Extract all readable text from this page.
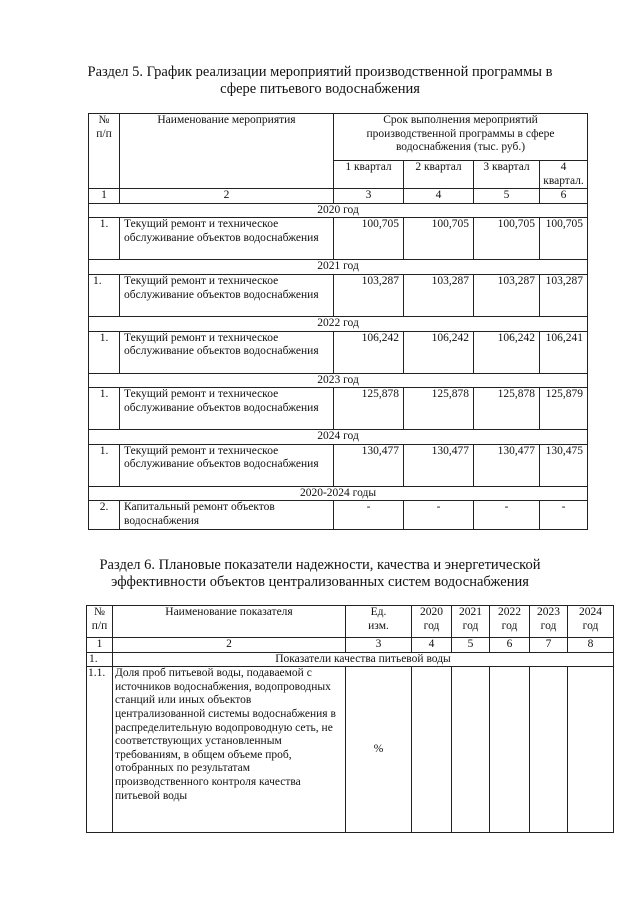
Раздел 5. График реализации мероприятий производственной программы в
сфере питьевого водоснабжения
№ п/п	Наименование мероприятия	Срок выполнения мероприятий производственной программы в сфере водоснабжения (тыс. руб.)			
		1 квартал	2 квартал	3 квартал	4 квартал.
1	2	3	4	5	6
2020 год					
1.	Текущий ремонт и техническое обслуживание объектов водоснабжения	100,705	100,705	100,705	100,705
2021 год					
1.	Текущий ремонт и техническое обслуживание объектов водоснабжения	103,287	103,287	103,287	103,287
2022 год					
1.	Текущий ремонт и техническое обслуживание объектов водоснабжения	106,242	106,242	106,242	106,241
2023 год					
1.	Текущий ремонт и техническое обслуживание объектов водоснабжения	125,878	125,878	125,878	125,879
2024 год					
1.	Текущий ремонт и техническое обслуживание объектов водоснабжения	130,477	130,477	130,477	130,475
2020-2024 годы					
2.	Капитальный ремонт объектов водоснабжения	-	-	-	-
Раздел 6. Плановые показатели надежности, качества и энергетической
эффективности объектов централизованных систем водоснабжения
№ п/п	Наименование показателя	Ед. изм.	2020 год	2021 год	2022 год	2023 год	2024 год
1	2	3	4	5	6	7	8
1.	Показатели качества питьевой воды						
1.1.	Доля проб питьевой воды, подаваемой с источников водоснабжения, водопроводных станций или иных объектов централизованной системы водоснабжения в распределительную водопроводную сеть, не соответствующих установленным требованиям, в общем объеме проб, отобранных по результатам производственного контроля качества питьевой воды	%					
